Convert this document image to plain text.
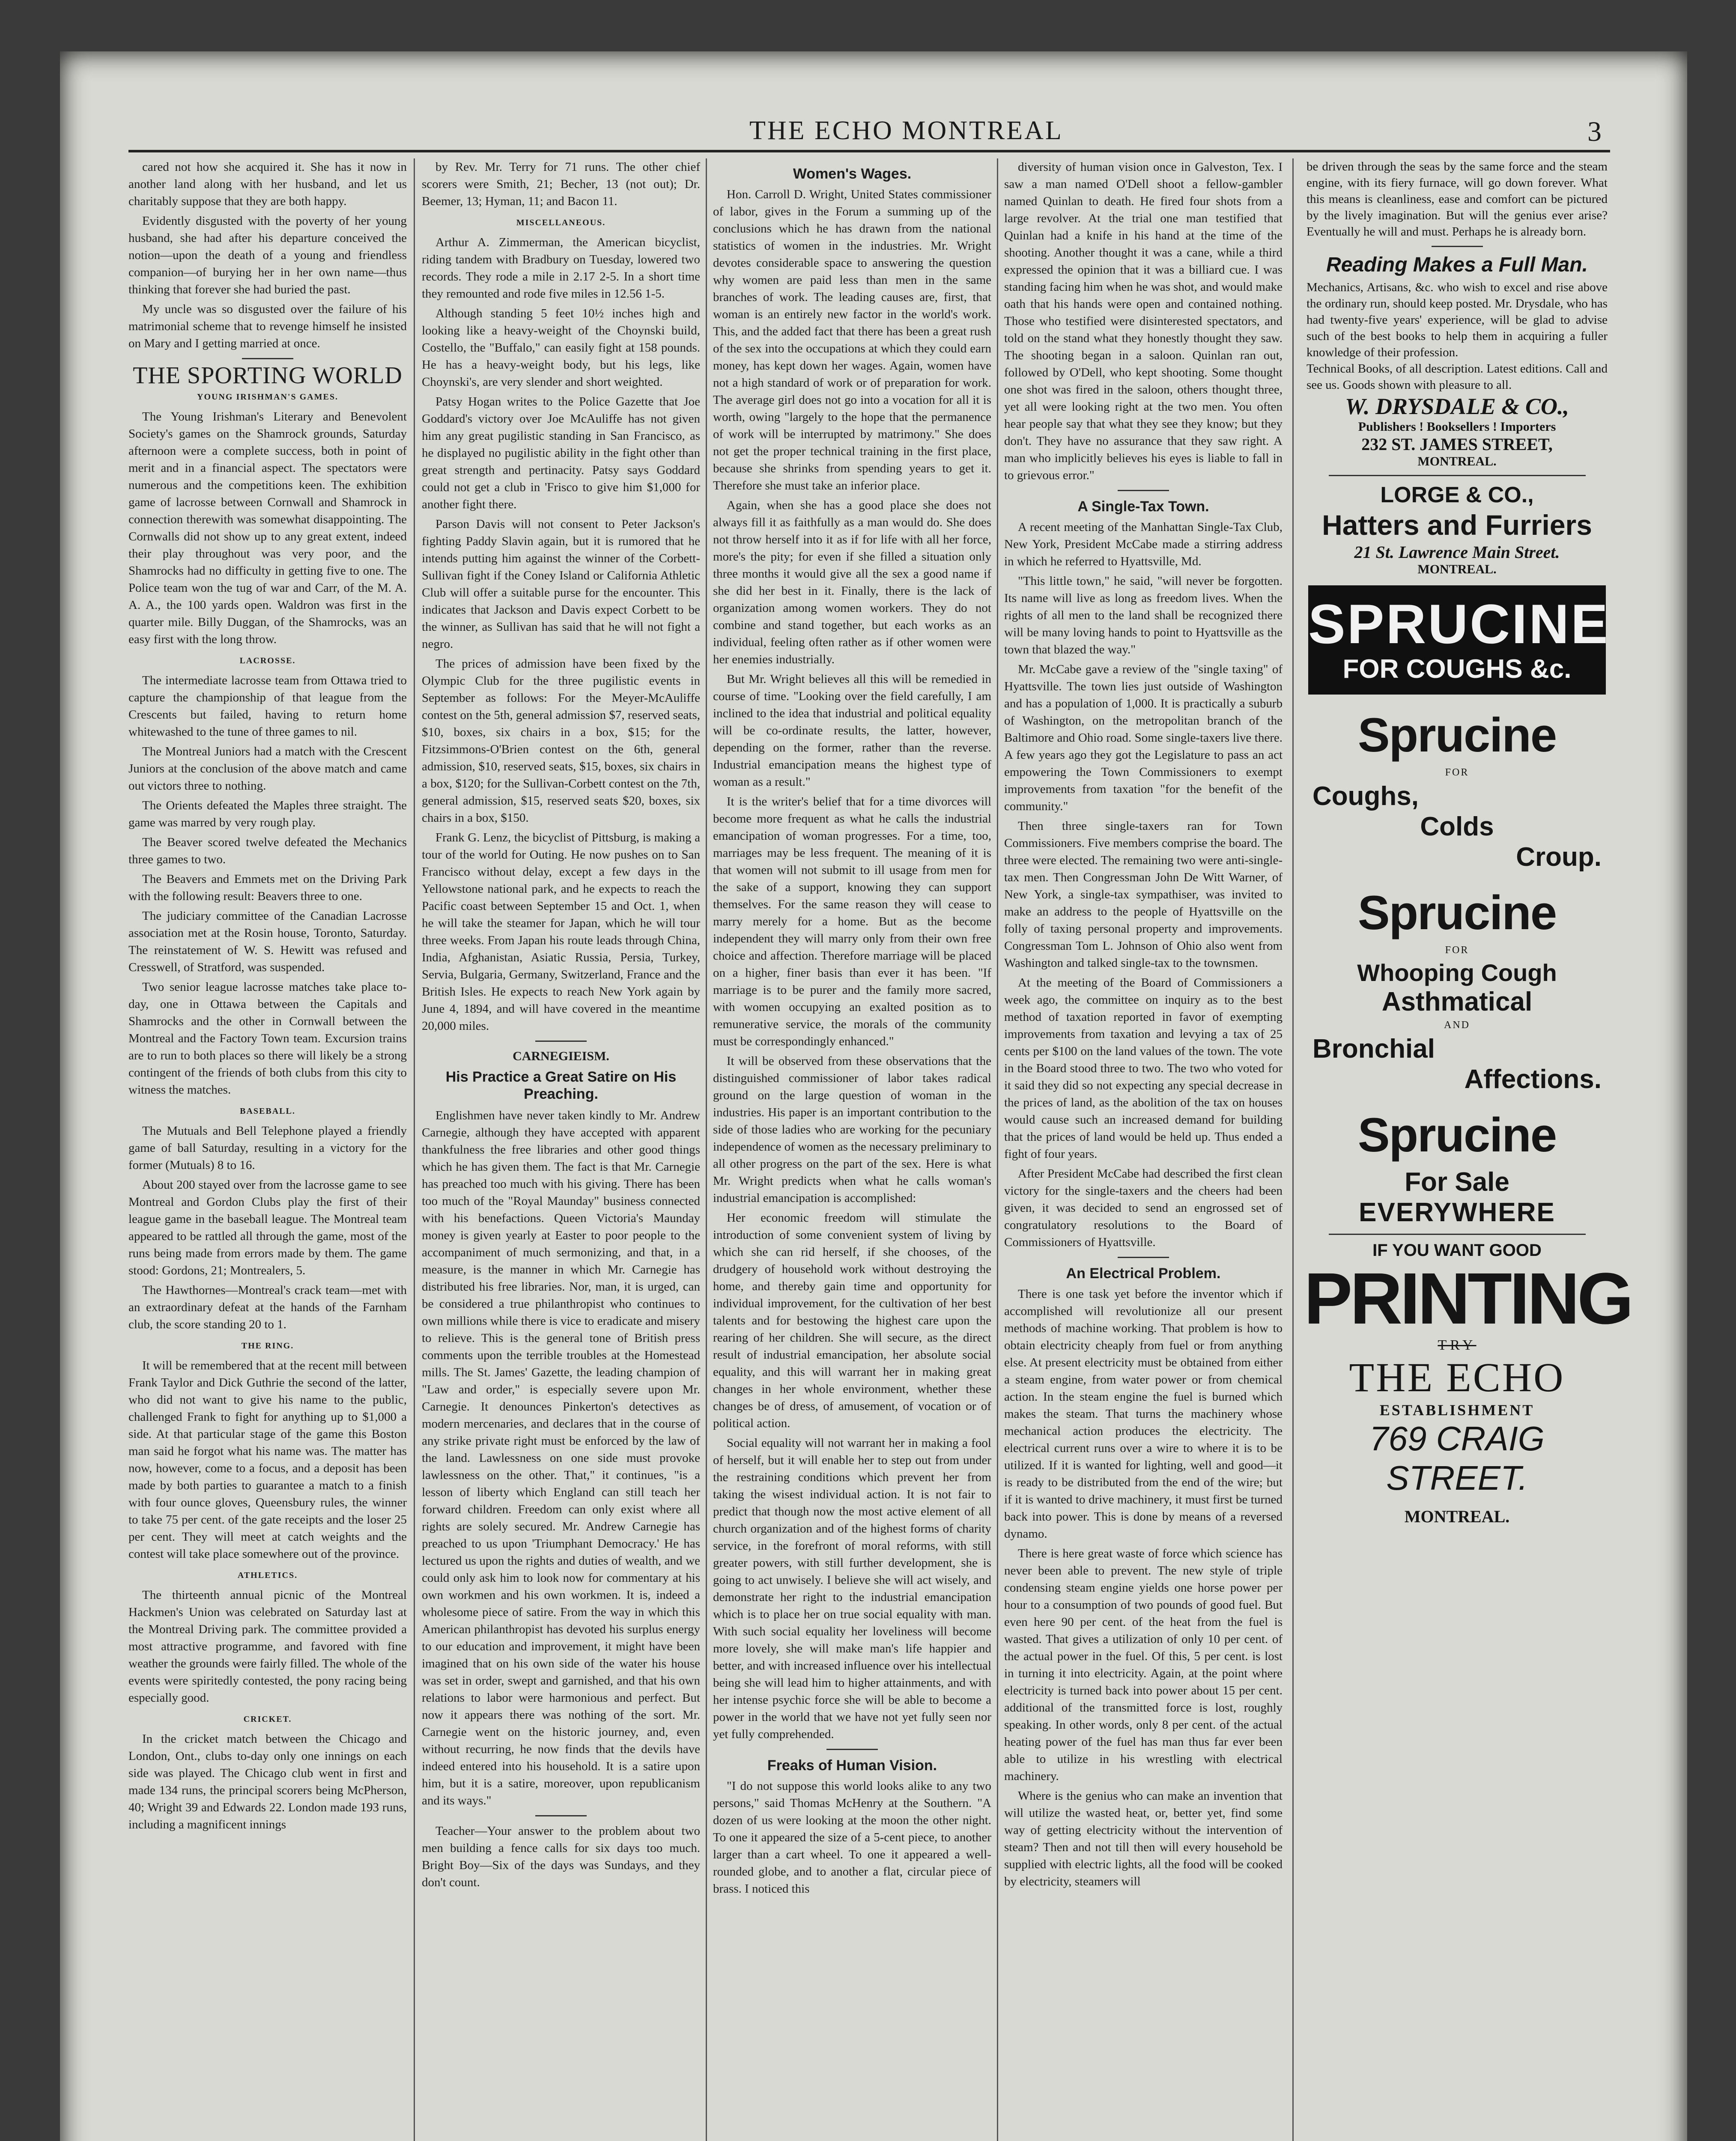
THE ECHO MONTREAL	3

cared not how she acquired it. She has it now in another land along with her husband, and let us charitably suppose that they are both happy.

Evidently disgusted with the poverty of her young husband, she had after his departure conceived the notion—upon the death of a young and friendless companion—of burying her in her own name—thus thinking that forever she had buried the past.

My uncle was so disgusted over the failure of his matrimonial scheme that to revenge himself he insisted on Mary and I getting married at once.

THE SPORTING WORLD
YOUNG IRISHMAN'S GAMES.

The Young Irishman's Literary and Benevolent Society's games on the Shamrock grounds, Saturday afternoon were a complete success, both in point of merit and in a financial aspect. The spectators were numerous and the competitions keen. The exhibition game of lacrosse between Cornwall and Shamrock in connection therewith was somewhat disappointing. The Cornwalls did not show up to any great extent, indeed their play throughout was very poor, and the Shamrocks had no difficulty in getting five to one. The Police team won the tug of war and Carr, of the M. A. A. A., the 100 yards open. Waldron was first in the quarter mile. Billy Duggan, of the Shamrocks, was an easy first with the long throw.

LACROSSE.

The intermediate lacrosse team from Ottawa tried to capture the championship of that league from the Crescents but failed, having to return home whitewashed to the tune of three games to nil.

The Montreal Juniors had a match with the Crescent Juniors at the conclusion of the above match and came out victors three to nothing.

The Orients defeated the Maples three straight. The game was marred by very rough play.

The Beaver scored twelve defeated the Mechanics three games to two.

The Beavers and Emmets met on the Driving Park with the following result: Beavers three to one.

The judiciary committee of the Canadian Lacrosse association met at the Rosin house, Toronto, Saturday. The reinstatement of W. S. Hewitt was refused and Cresswell, of Stratford, was suspended.

Two senior league lacrosse matches take place to-day, one in Ottawa between the Capitals and Shamrocks and the other in Cornwall between the Montreal and the Factory Town team. Excursion trains are to run to both places so there will likely be a strong contingent of the friends of both clubs from this city to witness the matches.

BASEBALL.

The Mutuals and Bell Telephone played a friendly game of ball Saturday, resulting in a victory for the former (Mutuals) 8 to 16.

About 200 stayed over from the lacrosse game to see Montreal and Gordon Clubs play the first of their league game in the baseball league. The Montreal team appeared to be rattled all through the game, most of the runs being made from errors made by them. The game stood: Gordons, 21; Montrealers, 5.

The Hawthornes—Montreal's crack team—met with an extraordinary defeat at the hands of the Farnham club, the score standing 20 to 1.

THE RING.

It will be remembered that at the recent mill between Frank Taylor and Dick Guthrie the second of the latter, who did not want to give his name to the public, challenged Frank to fight for anything up to $1,000 a side. At that particular stage of the game this Boston man said he forgot what his name was. The matter has now, however, come to a focus, and a deposit has been made by both parties to guarantee a match to a finish with four ounce gloves, Queensbury rules, the winner to take 75 per cent. of the gate receipts and the loser 25 per cent. They will meet at catch weights and the contest will take place somewhere out of the province.

ATHLETICS.

The thirteenth annual picnic of the Montreal Hackmen's Union was celebrated on Saturday last at the Montreal Driving park. The committee provided a most attractive programme, and favored with fine weather the grounds were fairly filled. The whole of the events were spiritedly contested, the pony racing being especially good.

CRICKET.

In the cricket match between the Chicago and London, Ont., clubs to-day only one innings on each side was played. The Chicago club went in first and made 134 runs, the principal scorers being McPherson, 40; Wright 39 and Edwards 22. London made 193 runs, including a magnificent innings

by Rev. Mr. Terry for 71 runs. The other chief scorers were Smith, 21; Becher, 13 (not out); Dr. Beemer, 13; Hyman, 11; and Bacon 11.

MISCELLANEOUS.

Arthur A. Zimmerman, the American bicyclist, riding tandem with Bradbury on Tuesday, lowered two records. They rode a mile in 2.17 2-5. In a short time they remounted and rode five miles in 12.56 1-5.

Although standing 5 feet 10½ inches high and looking like a heavy-weight of the Choynski build, Costello, the "Buffalo," can easily fight at 158 pounds. He has a heavy-weight body, but his legs, like Choynski's, are very slender and short weighted.

Patsy Hogan writes to the Police Gazette that Joe Goddard's victory over Joe McAuliffe has not given him any great pugilistic standing in San Francisco, as he displayed no pugilistic ability in the fight other than great strength and pertinacity. Patsy says Goddard could not get a club in 'Frisco to give him $1,000 for another fight there.

Parson Davis will not consent to Peter Jackson's fighting Paddy Slavin again, but it is rumored that he intends putting him against the winner of the Corbett-Sullivan fight if the Coney Island or California Athletic Club will offer a suitable purse for the encounter. This indicates that Jackson and Davis expect Corbett to be the winner, as Sullivan has said that he will not fight a negro.

The prices of admission have been fixed by the Olympic Club for the three pugilistic events in September as follows: For the Meyer-McAuliffe contest on the 5th, general admission $7, reserved seats, $10, boxes, six chairs in a box, $15; for the Fitzsimmons-O'Brien contest on the 6th, general admission, $10, reserved seats, $15, boxes, six chairs in a box, $120; for the Sullivan-Corbett contest on the 7th, general admission, $15, reserved seats $20, boxes, six chairs in a box, $150.

Frank G. Lenz, the bicyclist of Pittsburg, is making a tour of the world for Outing. He now pushes on to San Francisco without delay, except a few days in the Yellowstone national park, and he expects to reach the Pacific coast between September 15 and Oct. 1, when he will take the steamer for Japan, which he will tour three weeks. From Japan his route leads through China, India, Afghanistan, Asiatic Russia, Persia, Turkey, Servia, Bulgaria, Germany, Switzerland, France and the British Isles. He expects to reach New York again by June 4, 1894, and will have covered in the meantime 20,000 miles.

CARNEGIEISM.
His Practice a Great Satire on His Preaching.

Englishmen have never taken kindly to Mr. Andrew Carnegie, although they have accepted with apparent thankfulness the free libraries and other good things which he has given them. The fact is that Mr. Carnegie has preached too much with his giving. There has been too much of the "Royal Maunday" business connected with his benefactions. Queen Victoria's Maunday money is given yearly at Easter to poor people to the accompaniment of much sermonizing, and that, in a measure, is the manner in which Mr. Carnegie has distributed his free libraries. Nor, man, it is urged, can be considered a true philanthropist who continues to own millions while there is vice to eradicate and misery to relieve. This is the general tone of British press comments upon the terrible troubles at the Homestead mills. The St. James' Gazette, the leading champion of "Law and order," is especially severe upon Mr. Carnegie. It denounces Pinkerton's detectives as modern mercenaries, and declares that in the course of any strike private right must be enforced by the law of the land. Lawlessness on one side must provoke lawlessness on the other. That," it continues, "is a lesson of liberty which England can still teach her forward children. Freedom can only exist where all rights are solely secured. Mr. Andrew Carnegie has preached to us upon 'Triumphant Democracy.' He has lectured us upon the rights and duties of wealth, and we could only ask him to look now for commentary at his own workmen and his own workmen. It is, indeed a wholesome piece of satire. From the way in which this American philanthropist has devoted his surplus energy to our education and improvement, it might have been imagined that on his own side of the water his house was set in order, swept and garnished, and that his own relations to labor were harmonious and perfect. But now it appears there was nothing of the sort. Mr. Carnegie went on the historic journey, and, even without recurring, he now finds that the devils have indeed entered into his household. It is a satire upon him, but it is a satire, moreover, upon republicanism and its ways."

Teacher—Your answer to the problem about two men building a fence calls for six days too much. Bright Boy—Six of the days was Sundays, and they don't count.

Women's Wages.

Hon. Carroll D. Wright, United States commissioner of labor, gives in the Forum a summing up of the conclusions which he has drawn from the national statistics of women in the industries. Mr. Wright devotes considerable space to answering the question why women are paid less than men in the same branches of work. The leading causes are, first, that woman is an entirely new factor in the world's work. This, and the added fact that there has been a great rush of the sex into the occupations at which they could earn money, has kept down her wages. Again, women have not a high standard of work or of preparation for work. The average girl does not go into a vocation for all it is worth, owing "largely to the hope that the permanence of work will be interrupted by matrimony." She does not get the proper technical training in the first place, because she shrinks from spending years to get it. Therefore she must take an inferior place.

Again, when she has a good place she does not always fill it as faithfully as a man would do. She does not throw herself into it as if for life with all her force, more's the pity; for even if she filled a situation only three months it would give all the sex a good name if she did her best in it. Finally, there is the lack of organization among women workers. They do not combine and stand together, but each works as an individual, feeling often rather as if other women were her enemies industrially.

But Mr. Wright believes all this will be remedied in course of time. "Looking over the field carefully, I am inclined to the idea that industrial and political equality will be co-ordinate results, the latter, however, depending on the former, rather than the reverse. Industrial emancipation means the highest type of woman as a result."

It is the writer's belief that for a time divorces will become more frequent as what he calls the industrial emancipation of woman progresses. For a time, too, marriages may be less frequent. The meaning of it is that women will not submit to ill usage from men for the sake of a support, knowing they can support themselves. For the same reason they will cease to marry merely for a home. But as the become independent they will marry only from their own free choice and affection. Therefore marriage will be placed on a higher, finer basis than ever it has been. "If marriage is to be purer and the family more sacred, with women occupying an exalted position as to remunerative service, the morals of the community must be correspondingly enhanced."

It will be observed from these observations that the distinguished commissioner of labor takes radical ground on the large question of woman in the industries. His paper is an important contribution to the side of those ladies who are working for the pecuniary independence of women as the necessary preliminary to all other progress on the part of the sex. Here is what Mr. Wright predicts when what he calls woman's industrial emancipation is accomplished:

Her economic freedom will stimulate the introduction of some convenient system of living by which she can rid herself, if she chooses, of the drudgery of household work without destroying the home, and thereby gain time and opportunity for individual improvement, for the cultivation of her best talents and for bestowing the highest care upon the rearing of her children. She will secure, as the direct result of industrial emancipation, her absolute social equality, and this will warrant her in making great changes in her whole environment, whether these changes be of dress, of amusement, of vocation or of political action.

Social equality will not warrant her in making a fool of herself, but it will enable her to step out from under the restraining conditions which prevent her from taking the wisest individual action. It is not fair to predict that though now the most active element of all church organization and of the highest forms of charity service, in the forefront of moral reforms, with still greater powers, with still further development, she is going to act unwisely. I believe she will act wisely, and demonstrate her right to the industrial emancipation which is to place her on true social equality with man. With such social equality her loveliness will become more lovely, she will make man's life happier and better, and with increased influence over his intellectual being she will lead him to higher attainments, and with her intense psychic force she will be able to become a power in the world that we have not yet fully seen nor yet fully comprehended.

Freaks of Human Vision.

"I do not suppose this world looks alike to any two persons," said Thomas McHenry at the Southern. "A dozen of us were looking at the moon the other night. To one it appeared the size of a 5-cent piece, to another larger than a cart wheel. To one it appeared a well-rounded globe, and to another a flat, circular piece of brass. I noticed this

diversity of human vision once in Galveston, Tex. I saw a man named O'Dell shoot a fellow-gambler named Quinlan to death. He fired four shots from a large revolver. At the trial one man testified that Quinlan had a knife in his hand at the time of the shooting. Another thought it was a cane, while a third expressed the opinion that it was a billiard cue. I was standing facing him when he was shot, and would make oath that his hands were open and contained nothing. Those who testified were disinterested spectators, and told on the stand what they honestly thought they saw. The shooting began in a saloon. Quinlan ran out, followed by O'Dell, who kept shooting. Some thought one shot was fired in the saloon, others thought three, yet all were looking right at the two men. You often hear people say that what they see they know; but they don't. They have no assurance that they saw right. A man who implicitly believes his eyes is liable to fall in to grievous error."

A Single-Tax Town.

A recent meeting of the Manhattan Single-Tax Club, New York, President McCabe made a stirring address in which he referred to Hyattsville, Md.

"This little town," he said, "will never be forgotten. Its name will live as long as freedom lives. When the rights of all men to the land shall be recognized there will be many loving hands to point to Hyattsville as the town that blazed the way."

Mr. McCabe gave a review of the "single taxing" of Hyattsville. The town lies just outside of Washington and has a population of 1,000. It is practically a suburb of Washington, on the metropolitan branch of the Baltimore and Ohio road. Some single-taxers live there. A few years ago they got the Legislature to pass an act empowering the Town Commissioners to exempt improvements from taxation "for the benefit of the community."

Then three single-taxers ran for Town Commissioners. Five members comprise the board. The three were elected. The remaining two were anti-single-tax men. Then Congressman John De Witt Warner, of New York, a single-tax sympathiser, was invited to make an address to the people of Hyattsville on the folly of taxing personal property and improvements. Congressman Tom L. Johnson of Ohio also went from Washington and talked single-tax to the townsmen.

At the meeting of the Board of Commissioners a week ago, the committee on inquiry as to the best method of taxation reported in favor of exempting improvements from taxation and levying a tax of 25 cents per $100 on the land values of the town. The vote in the Board stood three to two. The two who voted for it said they did so not expecting any special decrease in the prices of land, as the abolition of the tax on houses would cause such an increased demand for building that the prices of land would be held up. Thus ended a fight of four years.

After President McCabe had described the first clean victory for the single-taxers and the cheers had been given, it was decided to send an engrossed set of congratulatory resolutions to the Board of Commissioners of Hyattsville.

An Electrical Problem.

There is one task yet before the inventor which if accomplished will revolutionize all our present methods of machine working. That problem is how to obtain electricity cheaply from fuel or from anything else. At present electricity must be obtained from either a steam engine, from water power or from chemical action. In the steam engine the fuel is burned which makes the steam. That turns the machinery whose mechanical action produces the electricity. The electrical current runs over a wire to where it is to be utilized. If it is wanted for lighting, well and good—it is ready to be distributed from the end of the wire; but if it is wanted to drive machinery, it must first be turned back into power. This is done by means of a reversed dynamo.

There is here great waste of force which science has never been able to prevent. The new style of triple condensing steam engine yields one horse power per hour to a consumption of two pounds of good fuel. But even here 90 per cent. of the heat from the fuel is wasted. That gives a utilization of only 10 per cent. of the actual power in the fuel. Of this, 5 per cent. is lost in turning it into electricity. Again, at the point where electricity is turned back into power about 15 per cent. additional of the transmitted force is lost, roughly speaking. In other words, only 8 per cent. of the actual heating power of the fuel has man thus far ever been able to utilize in his wrestling with electrical machinery.

Where is the genius who can make an invention that will utilize the wasted heat, or, better yet, find some way of getting electricity without the intervention of steam? Then and not till then will every household be supplied with electric lights, all the food will be cooked by electricity, steamers will

be driven through the seas by the same force and the steam engine, with its fiery furnace, will go down forever. What this means is cleanliness, ease and comfort can be pictured by the lively imagination. But will the genius ever arise? Eventually he will and must. Perhaps he is already born.
Reading Makes a Full Man.
Mechanics, Artisans, &c. who wish to excel and rise above the ordinary run, should keep posted. Mr. Drysdale, who has had twenty-five years' experience, will be glad to advise such of the best books to help them in acquiring a fuller knowledge of their profession.
Technical Books, of all description. Latest editions. Call and see us. Goods shown with pleasure to all.
W. DRYSDALE & CO.,
Publishers ! Booksellers ! Importers
232 ST. JAMES STREET,
MONTREAL.
LORGE & CO.,
Hatters and Furriers
21 St. Lawrence Main Street.
MONTREAL.
SPRUCINE
FOR COUGHS &c.
Sprucine
FOR
Coughs,
Colds
Croup.
Sprucine
FOR
Whooping Cough
Asthmatical
AND
Bronchial
Affections.
Sprucine
For Sale
EVERYWHERE
IF YOU WANT GOOD
PRINTING
TRY
THE ECHO
ESTABLISHMENT
769 CRAIG STREET.
MONTREAL.
